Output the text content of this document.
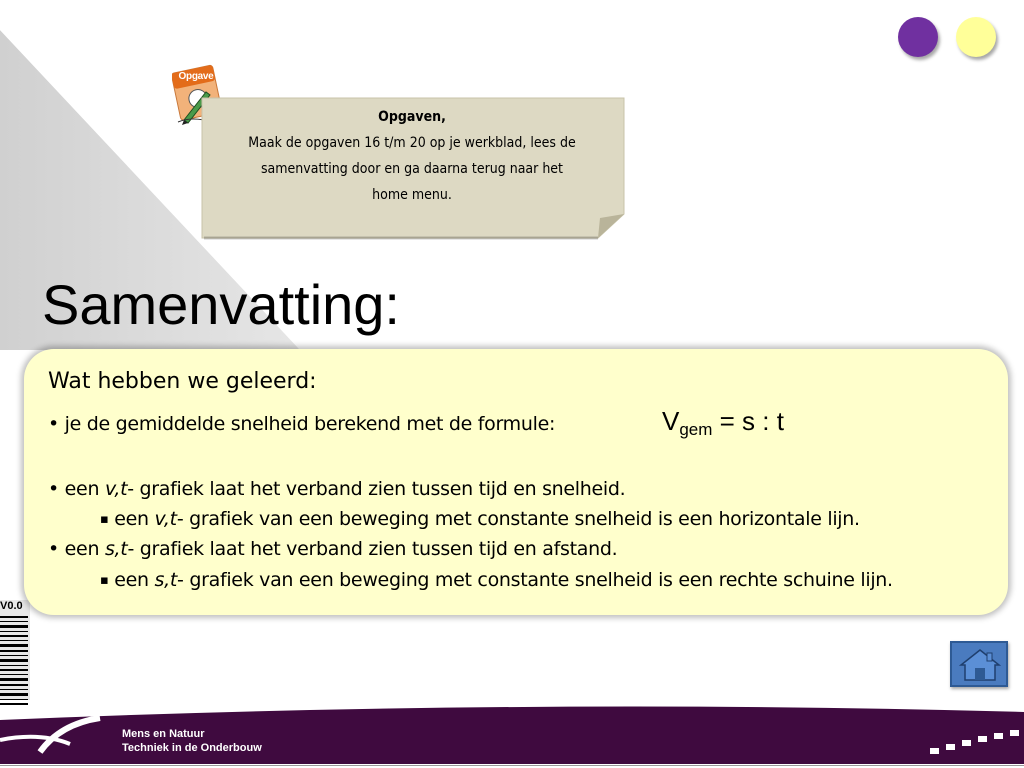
Opgave
Opgaven,
Maak de opgaven 16 t/m 20 op je werkblad, lees de
samenvatting door en ga daarna terug naar het
home menu.
Samenvatting:
Wat hebben we geleerd:
• je de gemiddelde snelheid berekend met de formule:	$V_{gem} = s$ : t
• een v,t- grafiek laat het verband zien tussen tijd en snelheid.
▪ een v,t- grafiek van een beweging met constante snelheid is een horizontale lijn.
• een s,t- grafiek laat het verband zien tussen tijd en afstand.
▪ een s,t- grafiek van een beweging met constante snelheid is een rechte schuine lijn.
V0.0
Mens en Natuur
Techniek in de Onderbouw
